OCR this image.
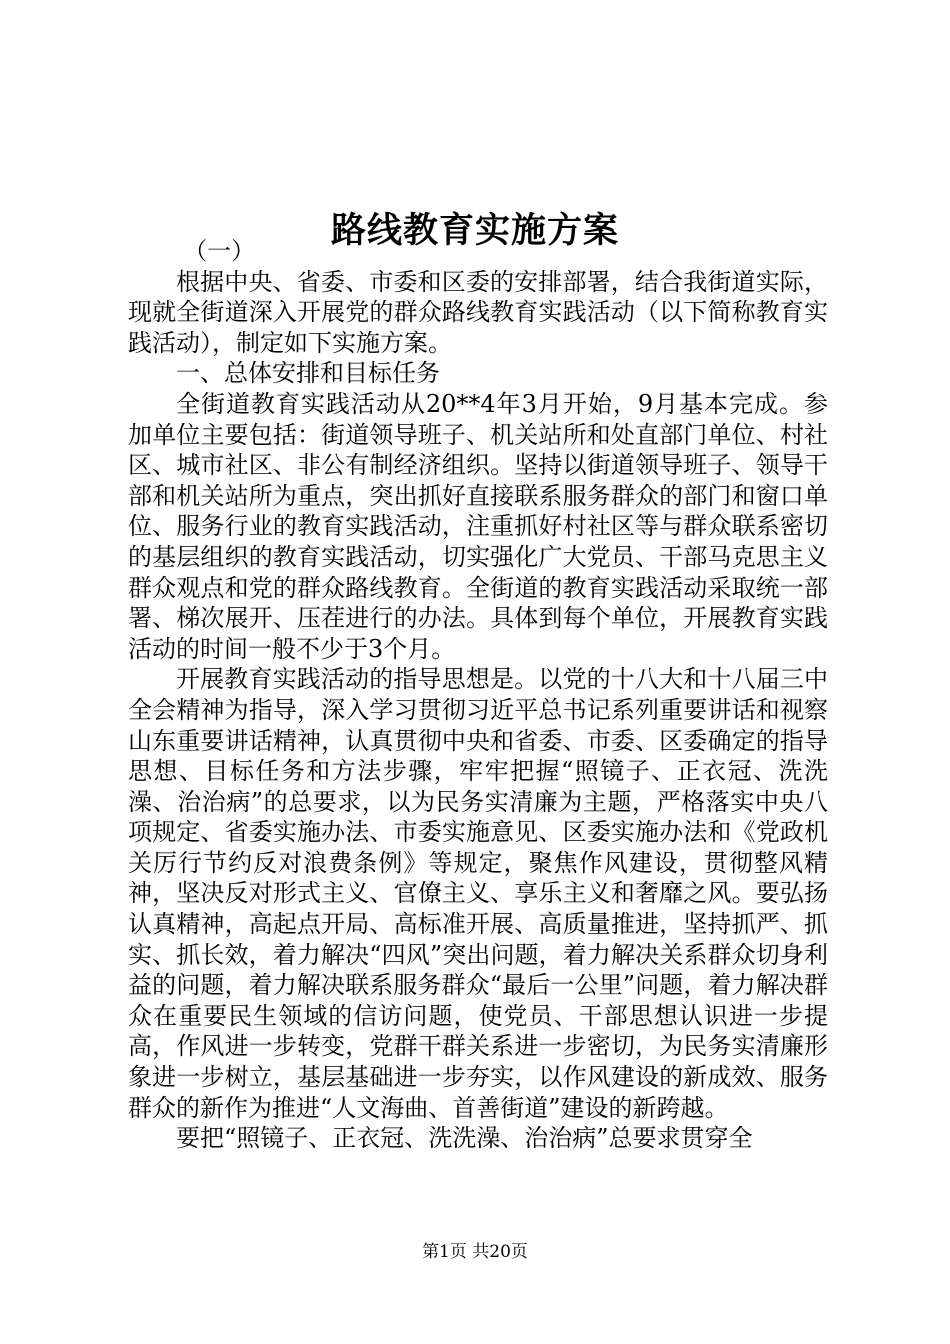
路线教育实施方案

（一）

根据中央、省委、市委和区委的安排部署，结合我街道实际，现就全街道深入开展党的群众路线教育实践活动（以下简称教育实践活动），制定如下实施方案。

一、总体安排和目标任务

全街道教育实践活动从20**4年3月开始，9月基本完成。参加单位主要包括：街道领导班子、机关站所和处直部门单位、村社区、城市社区、非公有制经济组织。坚持以街道领导班子、领导干部和机关站所为重点，突出抓好直接联系服务群众的部门和窗口单位、服务行业的教育实践活动，注重抓好村社区等与群众联系密切的基层组织的教育实践活动，切实强化广大党员、干部马克思主义群众观点和党的群众路线教育。全街道的教育实践活动采取统一部署、梯次展开、压茬进行的办法。具体到每个单位，开展教育实践活动的时间一般不少于3个月。

开展教育实践活动的指导思想是。以党的十八大和十八届三中全会精神为指导，深入学习贯彻习近平总书记系列重要讲话和视察山东重要讲话精神，认真贯彻中央和省委、市委、区委确定的指导思想、目标任务和方法步骤，牢牢把握“照镜子、正衣冠、洗洗澡、治治病”的总要求，以为民务实清廉为主题，严格落实中央八项规定、省委实施办法、市委实施意见、区委实施办法和《党政机关厉行节约反对浪费条例》等规定，聚焦作风建设，贯彻整风精神，坚决反对形式主义、官僚主义、享乐主义和奢靡之风。要弘扬认真精神，高起点开局、高标准开展、高质量推进，坚持抓严、抓实、抓长效，着力解决“四风”突出问题，着力解决关系群众切身利益的问题，着力解决联系服务群众“最后一公里”问题，着力解决群众在重要民生领域的信访问题，使党员、干部思想认识进一步提高，作风进一步转变，党群干群关系进一步密切，为民务实清廉形象进一步树立，基层基础进一步夯实，以作风建设的新成效、服务群众的新作为推进“人文海曲、首善街道”建设的新跨越。

要把“照镜子、正衣冠、洗洗澡、治治病”总要求贯穿全

第1页 共20页
